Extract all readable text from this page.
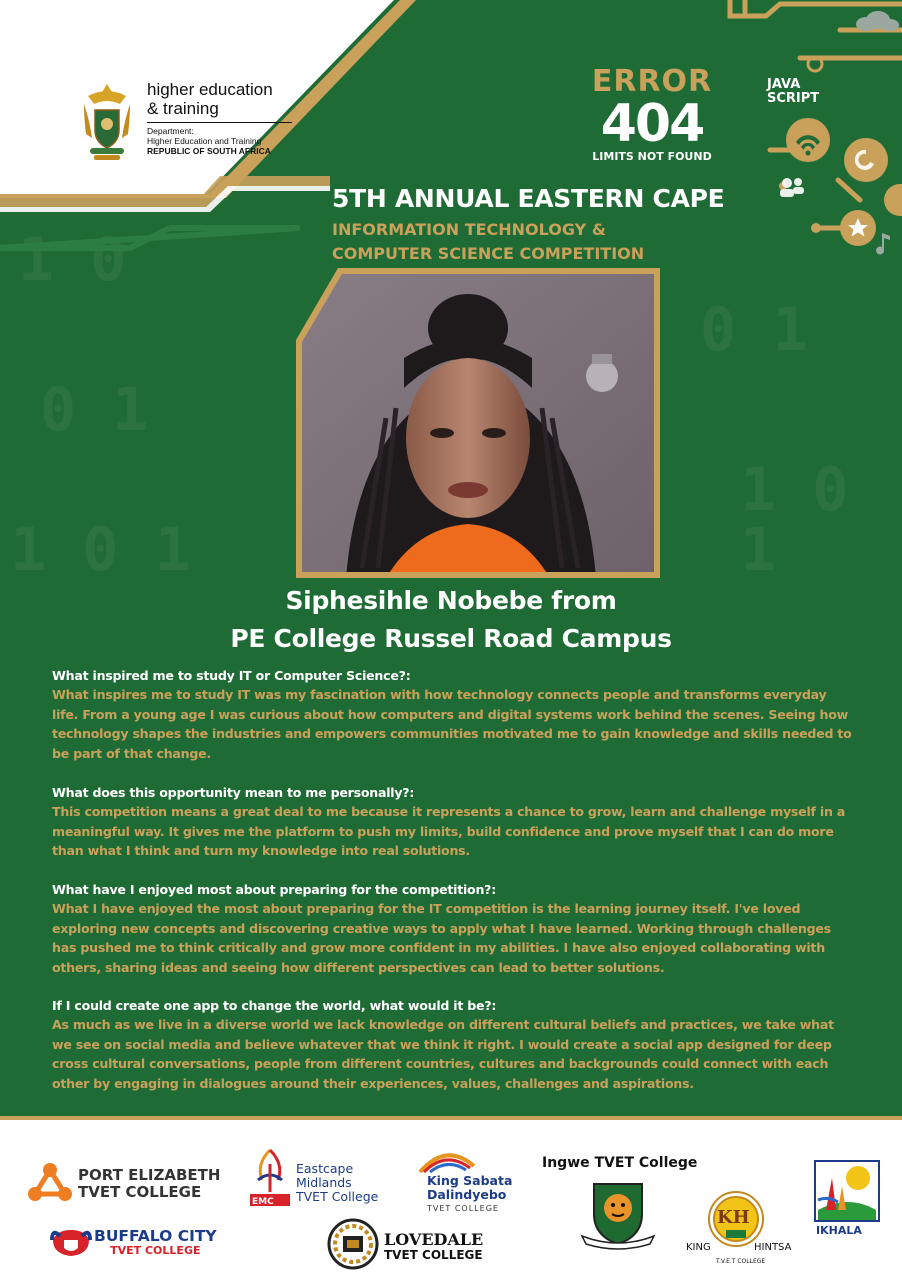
1 0
0 1
1 0 1
0 1
1 0 1
higher education
& training
Department:
Higher Education and Training
REPUBLIC OF SOUTH AFRICA
ERROR
404
LIMITS NOT FOUND
JAVA
SCRIPT
5TH ANNUAL EASTERN CAPE
INFORMATION TECHNOLOGY &
COMPUTER SCIENCE COMPETITION
Siphesihle Nobebe from
PE College Russel Road Campus
What inspired me to study IT or Computer Science?:
What inspires me to study IT was my fascination with how technology connects people and transforms everyday life. From a young age I was curious about how computers and digital systems work behind the scenes. Seeing how technology shapes the industries and empowers communities motivated me to gain knowledge and skills needed to be part of that change.
What does this opportunity mean to me personally?:
This competition means a great deal to me because it represents a chance to grow, learn and challenge myself in a meaningful way. It gives me the platform to push my limits, build confidence and prove myself that I can do more than what I think and turn my knowledge into real solutions.
What have I enjoyed most about preparing for the competition?:
What I have enjoyed the most about preparing for the IT competition is the learning journey itself. I've loved exploring new concepts and discovering creative ways to apply what I have learned. Working through challenges has pushed me to think critically and grow more confident in my abilities. I have also enjoyed collaborating with others, sharing ideas and seeing how different perspectives can lead to better solutions.
If I could create one app to change the world, what would it be?:
As much as we live in a diverse world we lack knowledge on different cultural beliefs and practices, we take what we see on social media and believe whatever that we think it right. I would create a social app designed for deep cross cultural conversations, people from different countries, cultures and backgrounds could connect with each other by engaging in dialogues around their experiences, values, challenges and aspirations.
PORT ELIZABETH
TVET COLLEGE
EMC
Eastcape
Midlands
TVET College
King Sabata
Dalindyebo
TVET COLLEGE
Ingwe TVET College
IKHALA
BUFFALO CITY
TVET COLLEGE
LOVEDALE
TVET COLLEGE
KH
KING	HINTSA
T.V.E.T COLLEGE
